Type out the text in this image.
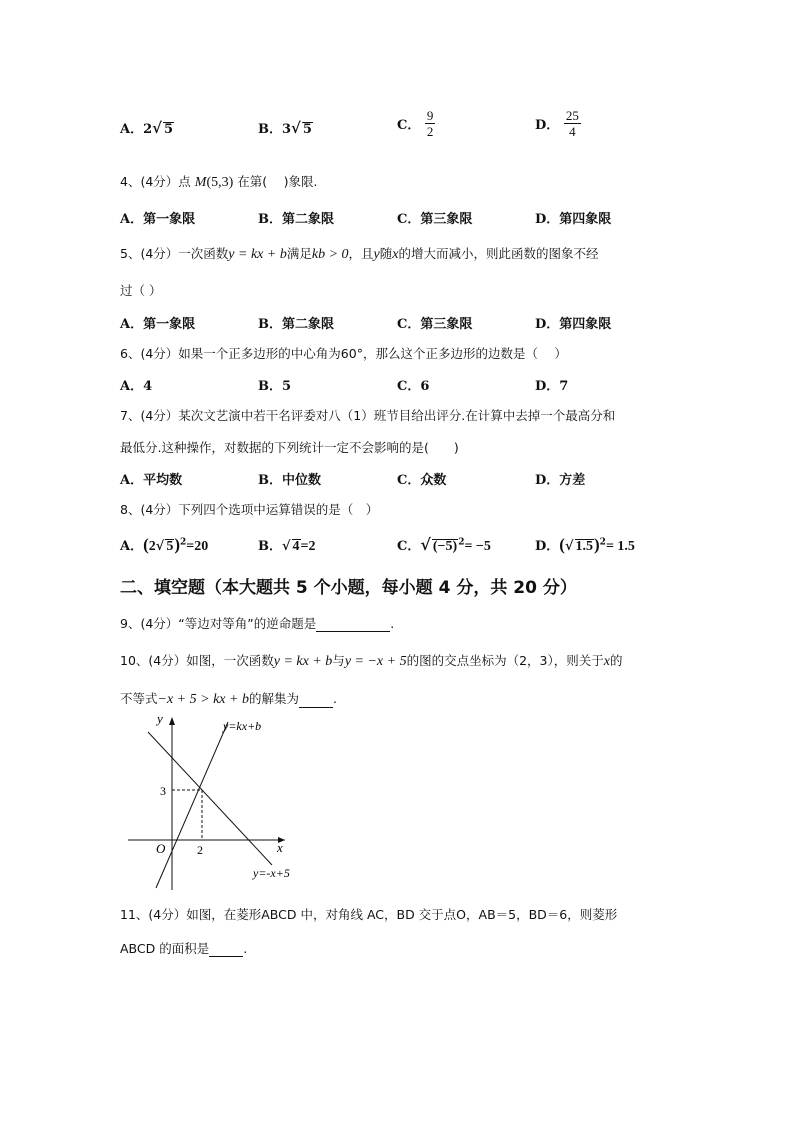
A．2√ 5	B．3√ 5	C． $\frac{9}{2}$	D． $\frac{25}{4}$
4、(4分）点 M(5,3) 在第(　 )象限.
A．第一象限	B．第二象限	C．第三象限	D．第四象限
5、(4分）一次函数y = kx + b满足kb > 0，且y随x的增大而减小，则此函数的图象不经
过（ ）
A．第一象限	B．第二象限	C．第三象限	D．第四象限
6、(4分）如果一个正多边形的中心角为60°，那么这个正多边形的边数是（　 ）
A．4	B．5	C．6	D．7
7、(4分）某次文艺演中若干名评委对八（1）班节目给出评分.在计算中去掉一个最高分和
最低分.这种操作，对数据的下列统计一定不会影响的是(　　)
A．平均数	B．中位数	C．众数	D．方差
8、(4分）下列四个选项中运算错误的是（　）
A．(2√ 5)$^2$=20	B．√ 4=2	C．√ $(-5)^2= -5$	D．(√ 1.5)$^2$= 1.5
二、填空题（本大题共 5 个小题，每小题 4 分，共 20 分）
9、(4分）“等边对等角”的逆命题是	.
10、(4分）如图，一次函数y = kx + b与y = −x + 5的图的交点坐标为（2，3），则关于x的
不等式−x + 5 > kx + b的解集为	.
y
x
O	2
3
y=kx+b
y=-x+5
11、(4分）如图，在菱形ABCD 中，对角线 AC，BD 交于点O，AB＝5，BD＝6，则菱形
ABCD 的面积是	.
